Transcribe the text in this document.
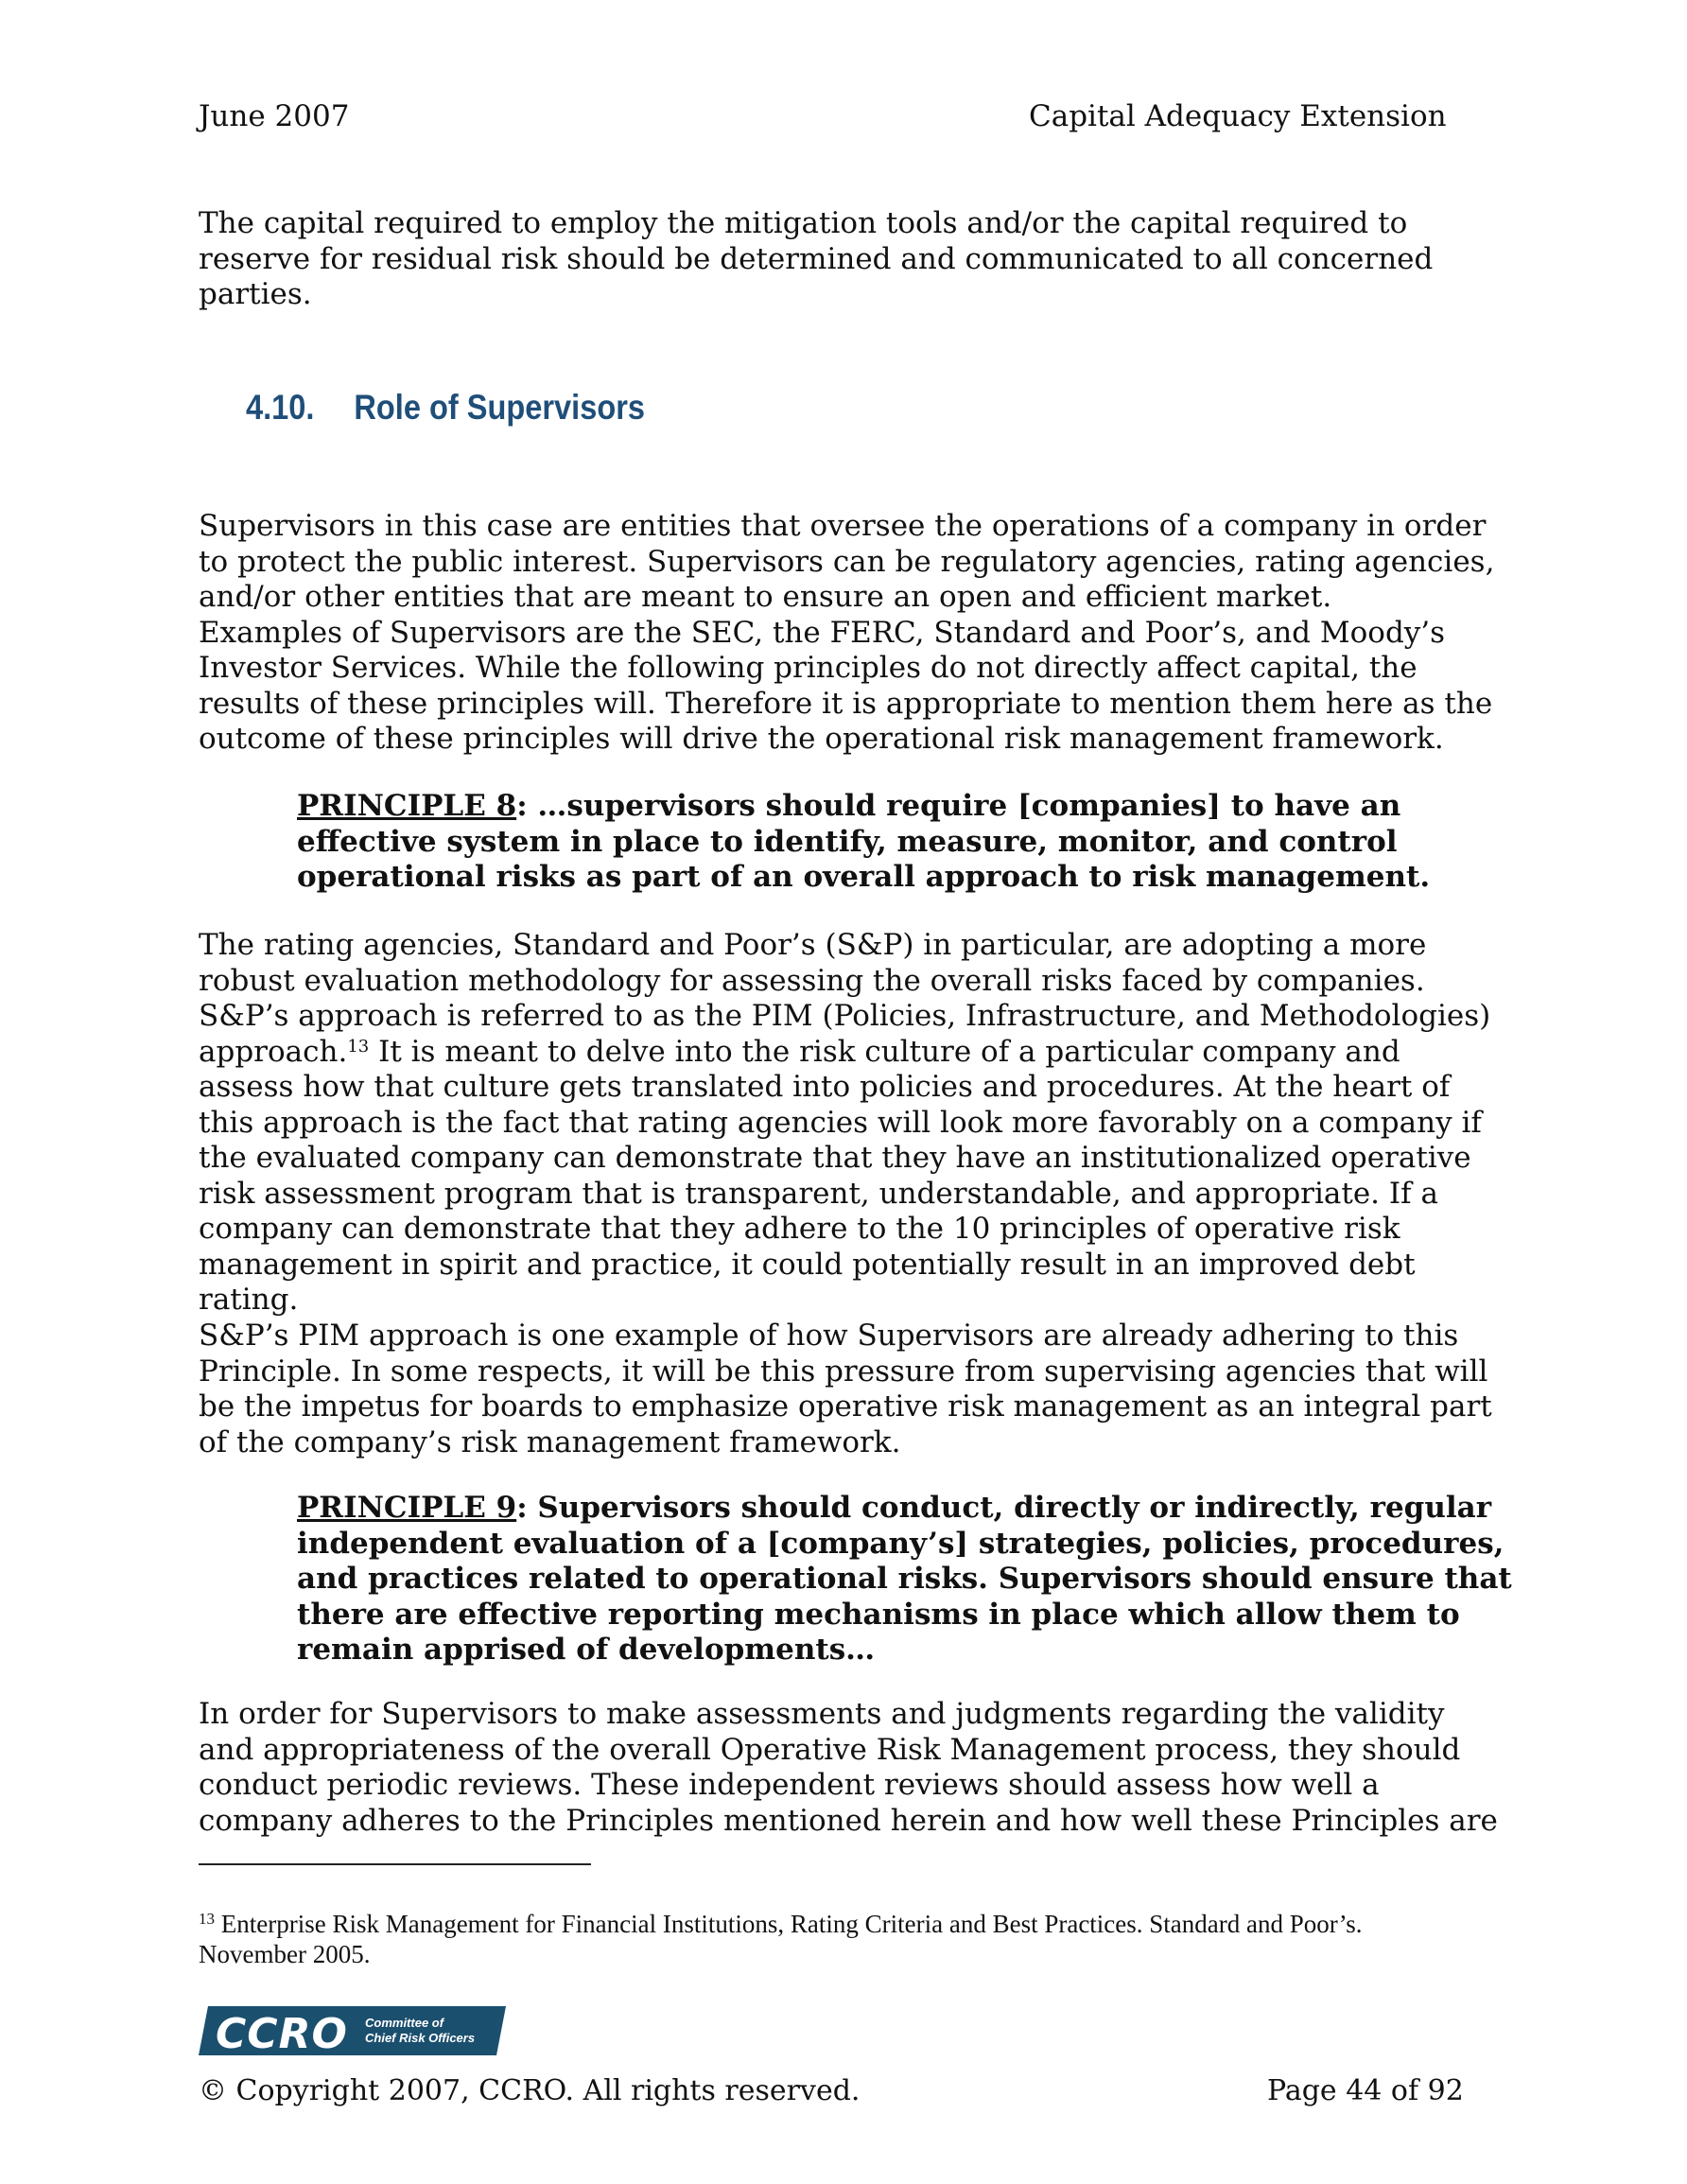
June 2007	Capital Adequacy Extension
The capital required to employ the mitigation tools and/or the capital required to
reserve for residual risk should be determined and communicated to all concerned
parties.
4.10. Role of Supervisors
Supervisors in this case are entities that oversee the operations of a company in order
to protect the public interest. Supervisors can be regulatory agencies, rating agencies,
and/or other entities that are meant to ensure an open and efficient market.
Examples of Supervisors are the SEC, the FERC, Standard and Poor’s, and Moody’s
Investor Services. While the following principles do not directly affect capital, the
results of these principles will. Therefore it is appropriate to mention them here as the
outcome of these principles will drive the operational risk management framework.
PRINCIPLE 8: …supervisors should require [companies] to have an
effective system in place to identify, measure, monitor, and control
operational risks as part of an overall approach to risk management.
The rating agencies, Standard and Poor’s (S&P) in particular, are adopting a more
robust evaluation methodology for assessing the overall risks faced by companies.
S&P’s approach is referred to as the PIM (Policies, Infrastructure, and Methodologies)
approach.$^{13}$ It is meant to delve into the risk culture of a particular company and
assess how that culture gets translated into policies and procedures. At the heart of
this approach is the fact that rating agencies will look more favorably on a company if
the evaluated company can demonstrate that they have an institutionalized operative
risk assessment program that is transparent, understandable, and appropriate. If a
company can demonstrate that they adhere to the 10 principles of operative risk
management in spirit and practice, it could potentially result in an improved debt
rating.
S&P’s PIM approach is one example of how Supervisors are already adhering to this
Principle. In some respects, it will be this pressure from supervising agencies that will
be the impetus for boards to emphasize operative risk management as an integral part
of the company’s risk management framework.
PRINCIPLE 9: Supervisors should conduct, directly or indirectly, regular
independent evaluation of a [company’s] strategies, policies, procedures,
and practices related to operational risks. Supervisors should ensure that
there are effective reporting mechanisms in place which allow them to
remain apprised of developments…
In order for Supervisors to make assessments and judgments regarding the validity
and appropriateness of the overall Operative Risk Management process, they should
conduct periodic reviews. These independent reviews should assess how well a
company adheres to the Principles mentioned herein and how well these Principles are
$^{13}$ Enterprise Risk Management for Financial Institutions, Rating Criteria and Best Practices. Standard and Poor’s.
November 2005.
CCRO Committee of
Chief Risk Officers
© Copyright 2007, CCRO. All rights reserved.	Page 44 of 92
